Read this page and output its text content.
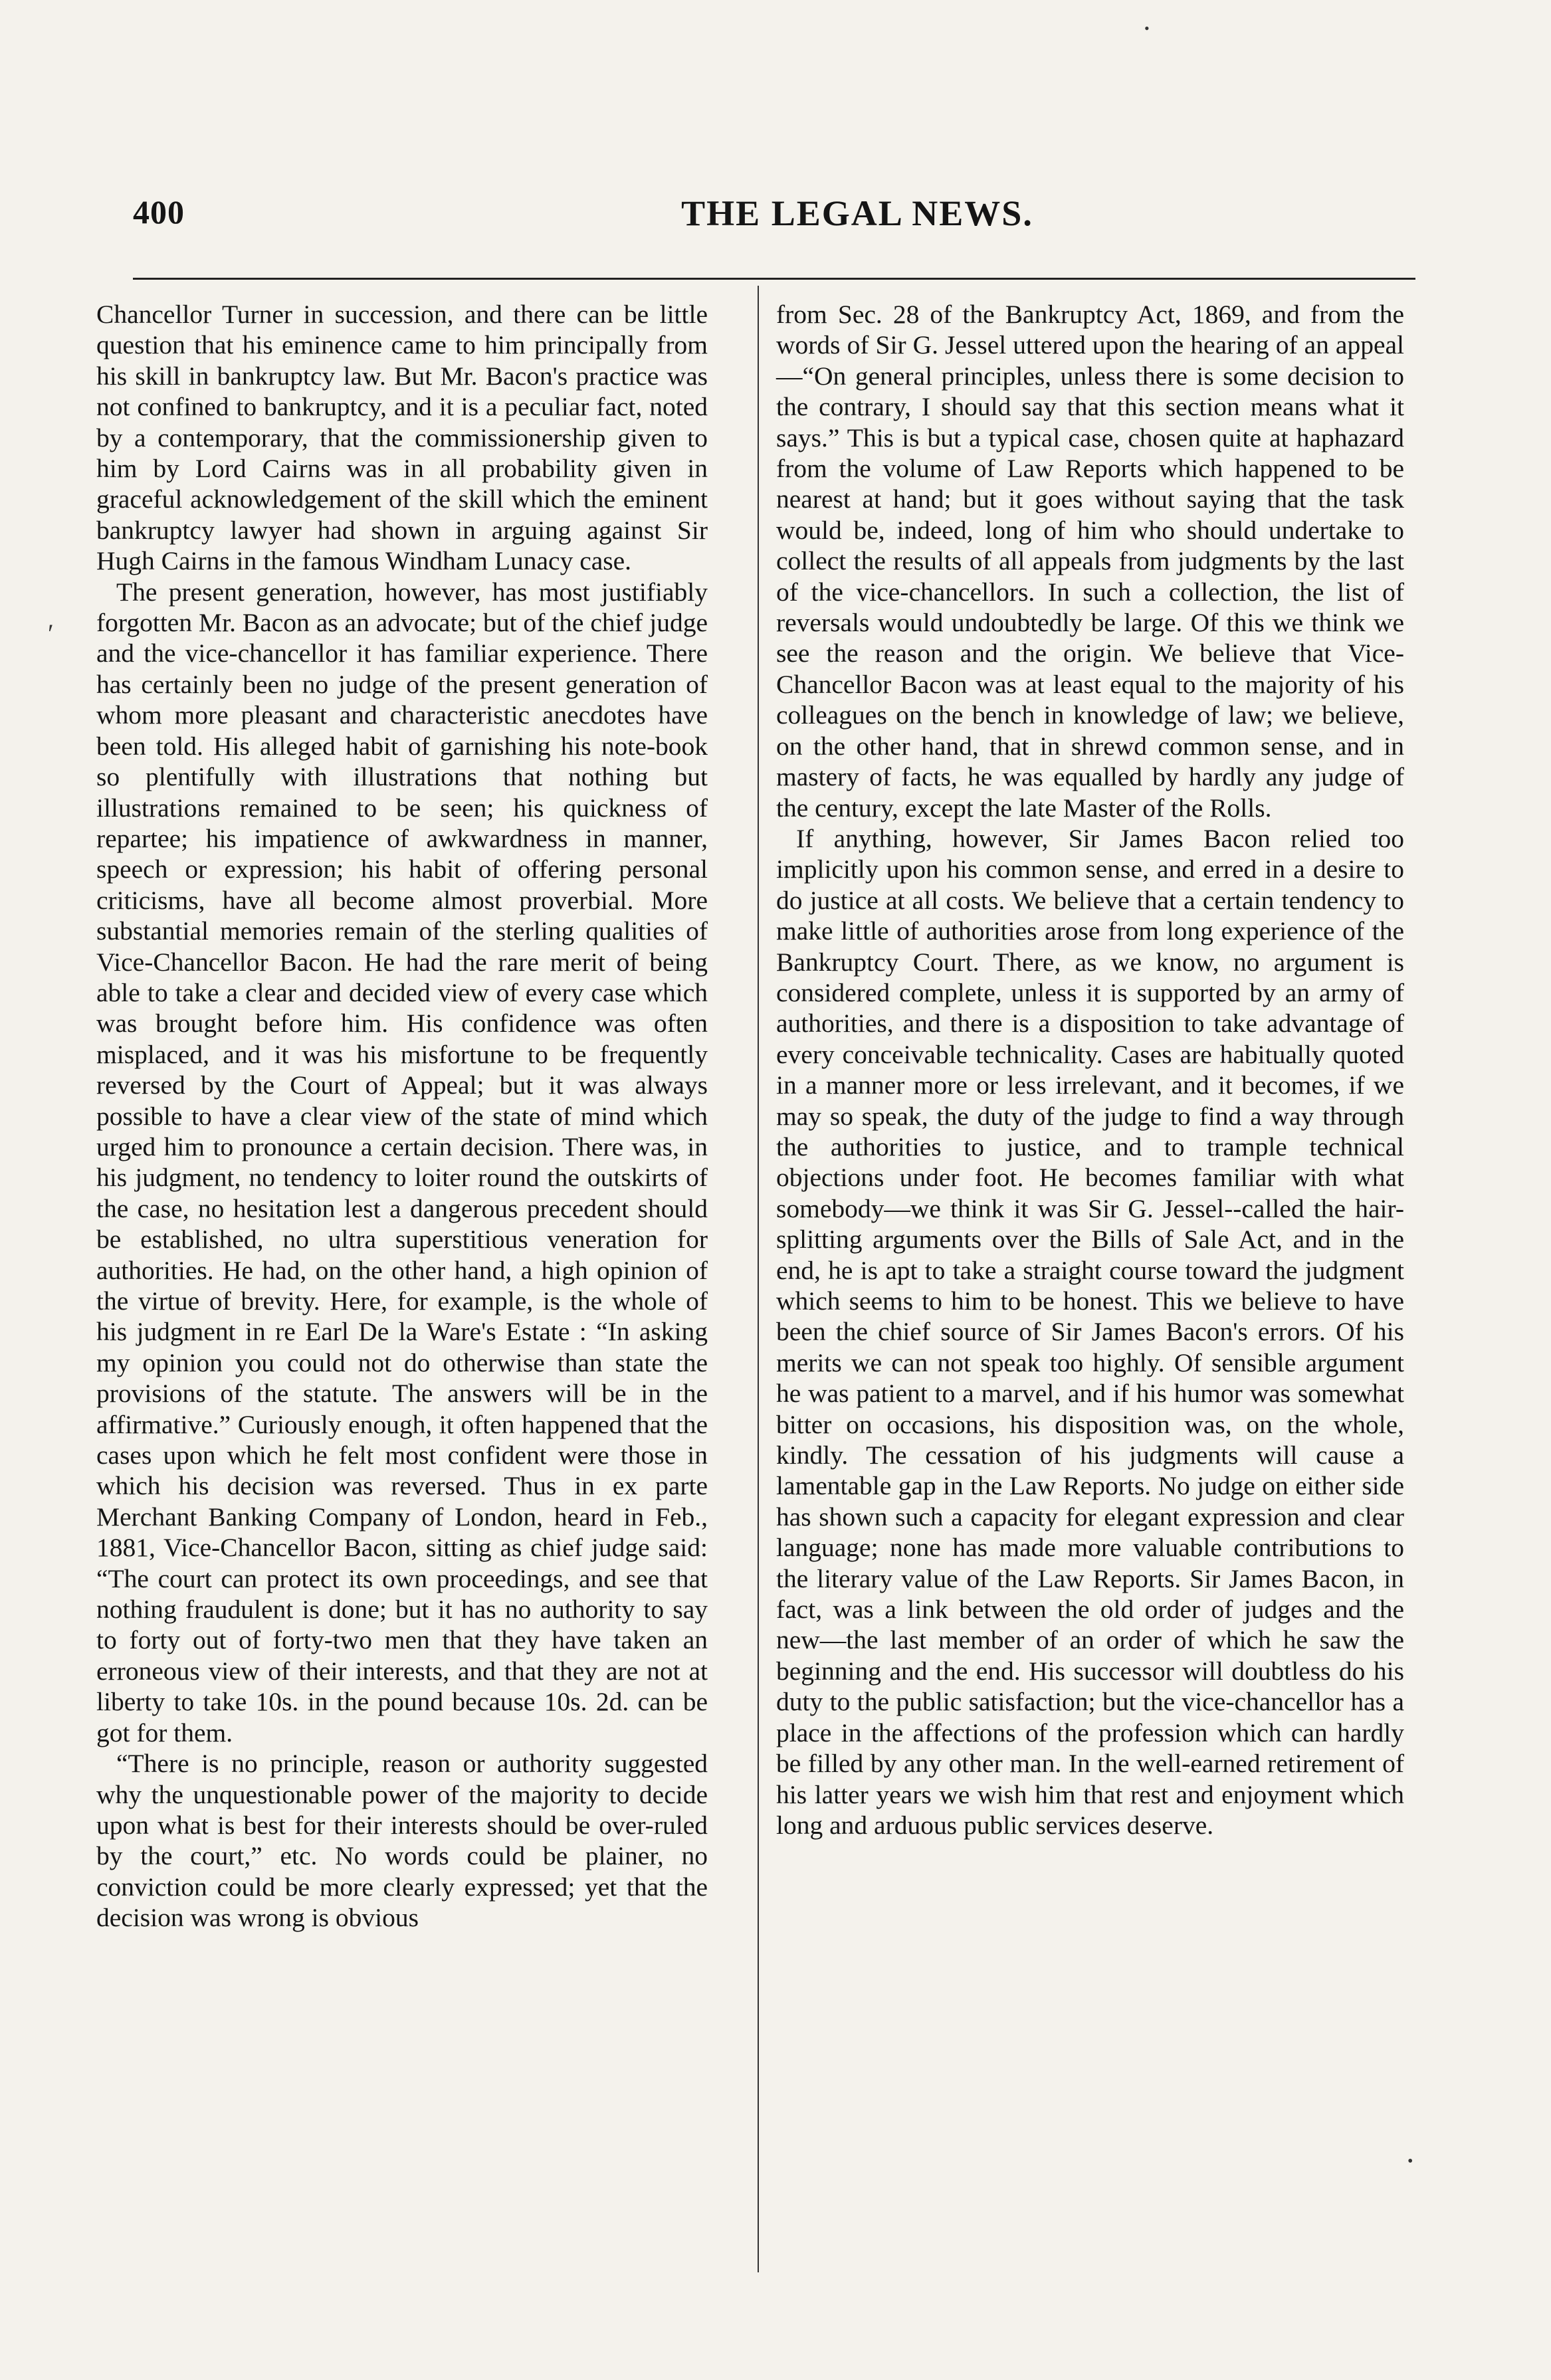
400	THE LEGAL NEWS.

Chancellor Turner in succession, and there can be little question that his eminence came to him principally from his skill in bankruptcy law. But Mr. Bacon's practice was not confined to bankruptcy, and it is a peculiar fact, noted by a contemporary, that the commissionership given to him by Lord Cairns was in all probability given in graceful acknowledgement of the skill which the eminent bankruptcy lawyer had shown in arguing against Sir Hugh Cairns in the famous Windham Lunacy case.

The present generation, however, has most justifiably forgotten Mr. Bacon as an advocate; but of the chief judge and the vice-chancellor it has familiar experience. There has certainly been no judge of the present generation of whom more pleasant and characteristic anecdotes have been told. His alleged habit of garnishing his note-book so plentifully with illustrations that nothing but illustrations remained to be seen; his quickness of repartee; his impatience of awkwardness in manner, speech or expression; his habit of offering personal criticisms, have all become almost proverbial. More substantial memories remain of the sterling qualities of Vice-Chancellor Bacon. He had the rare merit of being able to take a clear and decided view of every case which was brought before him. His confidence was often misplaced, and it was his misfortune to be frequently reversed by the Court of Appeal; but it was always possible to have a clear view of the state of mind which urged him to pronounce a certain decision. There was, in his judgment, no tendency to loiter round the outskirts of the case, no hesitation lest a dangerous precedent should be established, no ultra superstitious veneration for authorities. He had, on the other hand, a high opinion of the virtue of brevity. Here, for example, is the whole of his judgment in re Earl De la Ware's Estate : “In asking my opinion you could not do otherwise than state the provisions of the statute. The answers will be in the affirmative.” Curiously enough, it often happened that the cases upon which he felt most confident were those in which his decision was reversed. Thus in ex parte Merchant Banking Company of London, heard in Feb., 1881, Vice-Chancellor Bacon, sitting as chief judge said: “The court can protect its own proceedings, and see that nothing fraudulent is done; but it has no authority to say to forty out of forty-two men that they have taken an erroneous view of their interests, and that they are not at liberty to take 10s. in the pound because 10s. 2d. can be got for them.

“There is no principle, reason or authority suggested why the unquestionable power of the majority to decide upon what is best for their interests should be over-ruled by the court,” etc. No words could be plainer, no conviction could be more clearly expressed; yet that the decision was wrong is obvious

from Sec. 28 of the Bankruptcy Act, 1869, and from the words of Sir G. Jessel uttered upon the hearing of an appeal—“On general principles, unless there is some decision to the contrary, I should say that this section means what it says.” This is but a typical case, chosen quite at haphazard from the volume of Law Reports which happened to be nearest at hand; but it goes without saying that the task would be, indeed, long of him who should undertake to collect the results of all appeals from judgments by the last of the vice-chancellors. In such a collection, the list of reversals would undoubtedly be large. Of this we think we see the reason and the origin. We believe that Vice-Chancellor Bacon was at least equal to the majority of his colleagues on the bench in knowledge of law; we believe, on the other hand, that in shrewd common sense, and in mastery of facts, he was equalled by hardly any judge of the century, except the late Master of the Rolls.

If anything, however, Sir James Bacon relied too implicitly upon his common sense, and erred in a desire to do justice at all costs. We believe that a certain tendency to make little of authorities arose from long experience of the Bankruptcy Court. There, as we know, no argument is considered complete, unless it is supported by an army of authorities, and there is a disposition to take advantage of every conceivable technicality. Cases are habitually quoted in a manner more or less irrelevant, and it becomes, if we may so speak, the duty of the judge to find a way through the authorities to justice, and to trample technical objections under foot. He becomes familiar with what somebody—we think it was Sir G. Jessel--called the hair-splitting arguments over the Bills of Sale Act, and in the end, he is apt to take a straight course toward the judgment which seems to him to be honest. This we believe to have been the chief source of Sir James Bacon's errors. Of his merits we can not speak too highly. Of sensible argument he was patient to a marvel, and if his humor was somewhat bitter on occasions, his disposition was, on the whole, kindly. The cessation of his judgments will cause a lamentable gap in the Law Reports. No judge on either side has shown such a capacity for elegant expression and clear language; none has made more valuable contributions to the literary value of the Law Reports. Sir James Bacon, in fact, was a link between the old order of judges and the new—the last member of an order of which he saw the beginning and the end. His successor will doubtless do his duty to the public satisfaction; but the vice-chancellor has a place in the affections of the profession which can hardly be filled by any other man. In the well-earned retirement of his latter years we wish him that rest and enjoyment which long and arduous public services deserve.

′
•
•
